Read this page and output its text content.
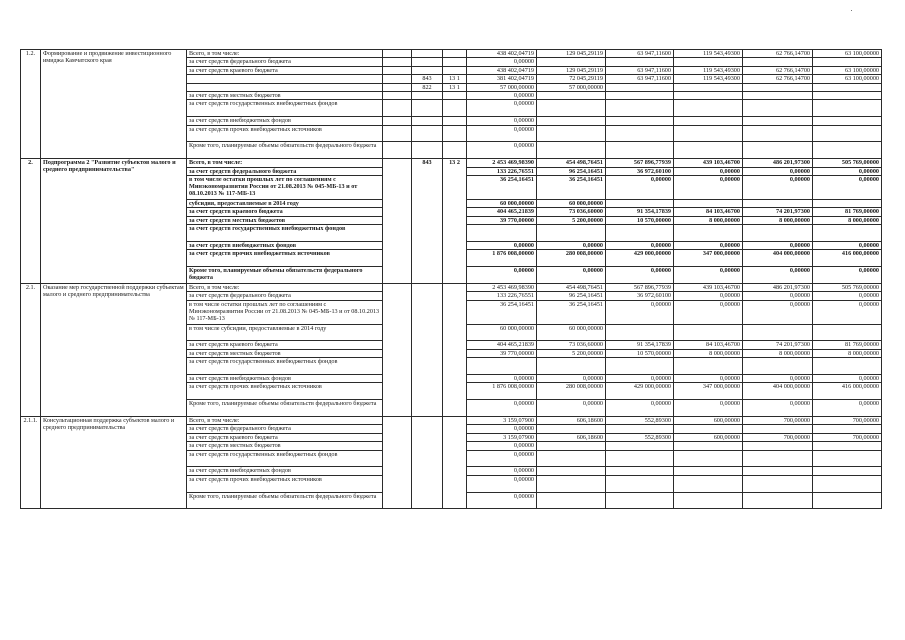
1.2.	Формирование и продвижение инвестиционного имиджа Камчатского края	Всего, в том числе:				438 402,04719	129 045,29119	63 947,11600	119 543,49300	62 766,14700	63 100,00000
		за счет средств федерального бюджета				0,00000					
		за счет средств краевого бюджета				438 402,04719	129 045,29119	63 947,11600	119 543,49300	62 766,14700	63 100,00000
				843	13 1	381 402,04719	72 045,29119	63 947,11600	119 543,49300	62 766,14700	63 100,00000
				822	13 1	57 000,00000	57 000,00000				
		за счет средств местных бюджетов				0,00000					
		за счет средств государственных внебюджетных фондов				0,00000					
		за счет средств внебюджетных фондов				0,00000					
		за счет средств прочих внебюджетных источников				0,00000					
		Кроме того, планируемые объемы обязательств федерального бюджета				0,00000					
2.	Подпрограмма 2 "Развитие субъектов малого и среднего предпринимательства"	Всего, в том числе:		843	13 2	2 453 469,98390	454 498,76451	567 896,77939	439 103,46700	486 201,97300	505 769,00000
		за счет средств федерального бюджета				133 226,76551	96 254,16451	36 972,60100	0,00000	0,00000	0,00000
		в том числе остатки прошлых лет по соглашениям с Минэкономразвития России от 21.08.2013 № 045-МБ-13 и от 08.10.2013 № 117-МБ-13				36 254,16451	36 254,16451	0,00000	0,00000	0,00000	0,00000
		субсидия, предоставляемые в 2014 году				60 000,00000	60 000,00000				
		за счет средств краевого бюджета				404 465,21839	73 036,60000	91 354,17839	84 103,46700	74 201,97300	81 769,00000
		за счет средств местных бюджетов				39 770,00000	5 200,00000	10 570,00000	8 000,00000	8 000,00000	8 000,00000
		за счет средств государственных внебюджетных фондов									
		за счет средств внебюджетных фондов				0,00000	0,00000	0,00000	0,00000	0,00000	0,00000
		за счет средств прочих внебюджетных источников				1 876 008,00000	280 008,00000	429 000,00000	347 000,00000	404 000,00000	416 000,00000
		Кроме того, планируемые объемы обязательств федерального бюджета				0,00000	0,00000	0,00000	0,00000	0,00000	0,00000
2.1.	Оказание мер государственной поддержки субъектам малого и среднего предпринимательства	Всего, в том числе:				2 453 469,98390	454 498,76451	567 896,77939	439 103,46700	486 201,97300	505 769,00000
		за счет средств федерального бюджета				133 226,76551	96 254,16451	36 972,60100	0,00000	0,00000	0,00000
		в том числе остатки прошлых лет по соглашениям с Минэкономразвития России от 21.08.2013 № 045-МБ-13 и от 08.10.2013 № 117-МБ-13				36 254,16451	36 254,16451	0,00000	0,00000	0,00000	0,00000
		в том числе субсидии, предоставляемые в 2014 году				60 000,00000	60 000,00000				
		за счет средств краевого бюджета				404 465,21839	73 036,60000	91 354,17839	84 103,46700	74 201,97300	81 769,00000
		за счет средств местных бюджетов				39 770,00000	5 200,00000	10 570,00000	8 000,00000	8 000,00000	8 000,00000
		за счет средств государственных внебюджетных фондов									
		за счет средств внебюджетных фондов				0,00000	0,00000	0,00000	0,00000	0,00000	0,00000
		за счет средств прочих внебюджетных источников				1 876 008,00000	280 008,00000	429 000,00000	347 000,00000	404 000,00000	416 000,00000
		Кроме того, планируемые объемы обязательств федерального бюджета				0,00000	0,00000	0,00000	0,00000	0,00000	0,00000
2.1.1.	Консультационная поддержка субъектов малого и среднего предпринимательства	Всего, в том числе:				3 159,07900	606,18600	552,89300	600,00000	700,00000	700,00000
		за счет средств федерального бюджета				0,00000					
		за счет средств краевого бюджета				3 159,07900	606,18600	552,89300	600,00000	700,00000	700,00000
		за счет средств местных бюджетов				0,00000					
		за счет средств государственных внебюджетных фондов				0,00000					
		за счет средств внебюджетных фондов				0,00000					
		за счет средств прочих внебюджетных источников				0,00000					
		Кроме того, планируемые объемы обязательств федерального бюджета				0,00000					
